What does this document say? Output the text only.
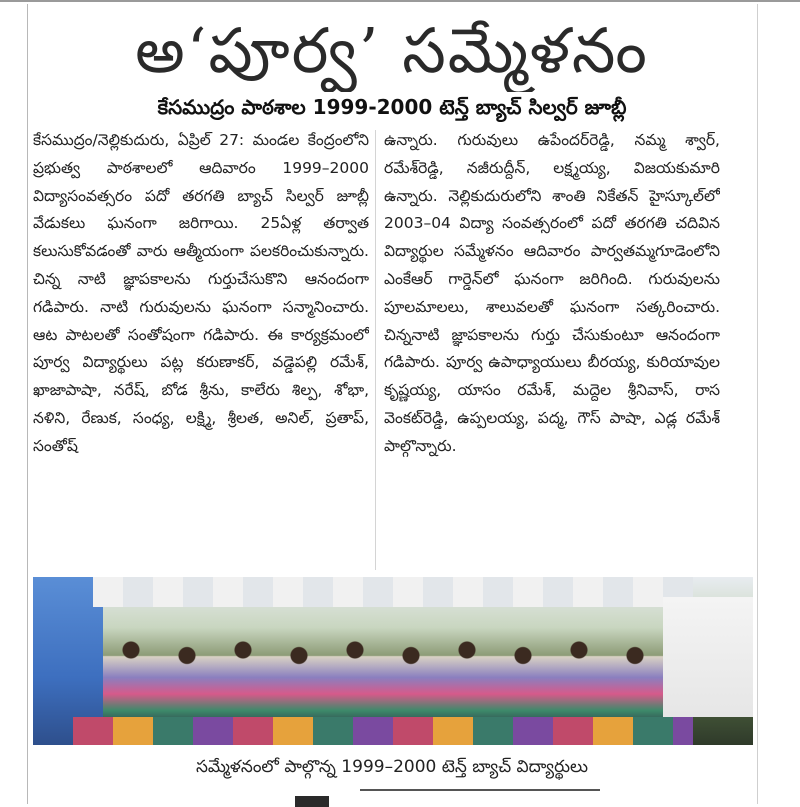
అ‘పూర్వ’ సమ్మేళనం
కేసముద్రం పాఠశాల 1999-2000 టెన్త్ బ్యాచ్ సిల్వర్ జూబ్లీ
కేసముద్రం/నెల్లికుదురు, ఏప్రిల్ 27: మండల కేంద్రంలోని ప్రభుత్వ పాఠశాలలో ఆదివారం 1999–2000 విద్యాసంవత్సరం పదో తరగతి బ్యాచ్ సిల్వర్ జూబ్లీ వేడుకలు ఘనంగా జరిగాయి. 25ఏళ్ల తర్వాత కలుసుకోవడంతో వారు ఆత్మీయంగా పలకరించుకున్నారు. చిన్న నాటి జ్ఞాపకాలను గుర్తుచేసుకొని ఆనందంగా గడిపారు. నాటి గురువులను ఘనంగా సన్మానించారు. ఆట పాటలతో సంతోషంగా గడిపారు. ఈ కార్యక్రమంలో పూర్వ విద్యార్థులు పట్ల కరుణాకర్, వడ్డెపల్లి రమేశ్, ఖాజాపాషా, నరేష్, బోడ శ్రీను, కాలేరు శిల్ప, శోభా, నళిని, రేణుక, సంధ్య, లక్ష్మి, శ్రీలత, అనిల్, ప్రతాప్, సంతోష్
ఉన్నారు. గురువులు ఉపేందర్‌రెడ్డి, నమ్మ శ్వార్, రమేశ్‌రెడ్డి, నజీరుద్దీన్, లక్ష్మయ్య, విజయకుమారి ఉన్నారు. నెల్లికుదురులోని శాంతి నికేతన్ హైస్కూల్‌లో 2003–04 విద్యా సంవత్సరంలో పదో తరగతి చదివిన విద్యార్థుల సమ్మేళనం ఆదివారం పార్వతమ్మగూడెంలోని ఎంకేఆర్ గార్డెన్‌లో ఘనంగా జరిగింది. గురువులను పూలమాలలు, శాలువలతో ఘనంగా సత్కరించారు. చిన్ననాటి జ్ఞాపకాలను గుర్తు చేసుకుంటూ ఆనందంగా గడిపారు. పూర్వ ఉపాధ్యాయులు బీరయ్య, కురియావుల కృష్ణయ్య, యాసం రమేశ్, మద్దెల శ్రీనివాస్, రాస వెంకట్‌రెడ్డి, ఉప్పలయ్య, పద్మ, గౌస్ పాషా, ఎడ్ల రమేశ్ పాల్గొన్నారు.
సమ్మేళనంలో పాల్గొన్న 1999–2000 టెన్త్ బ్యాచ్ విద్యార్థులు
